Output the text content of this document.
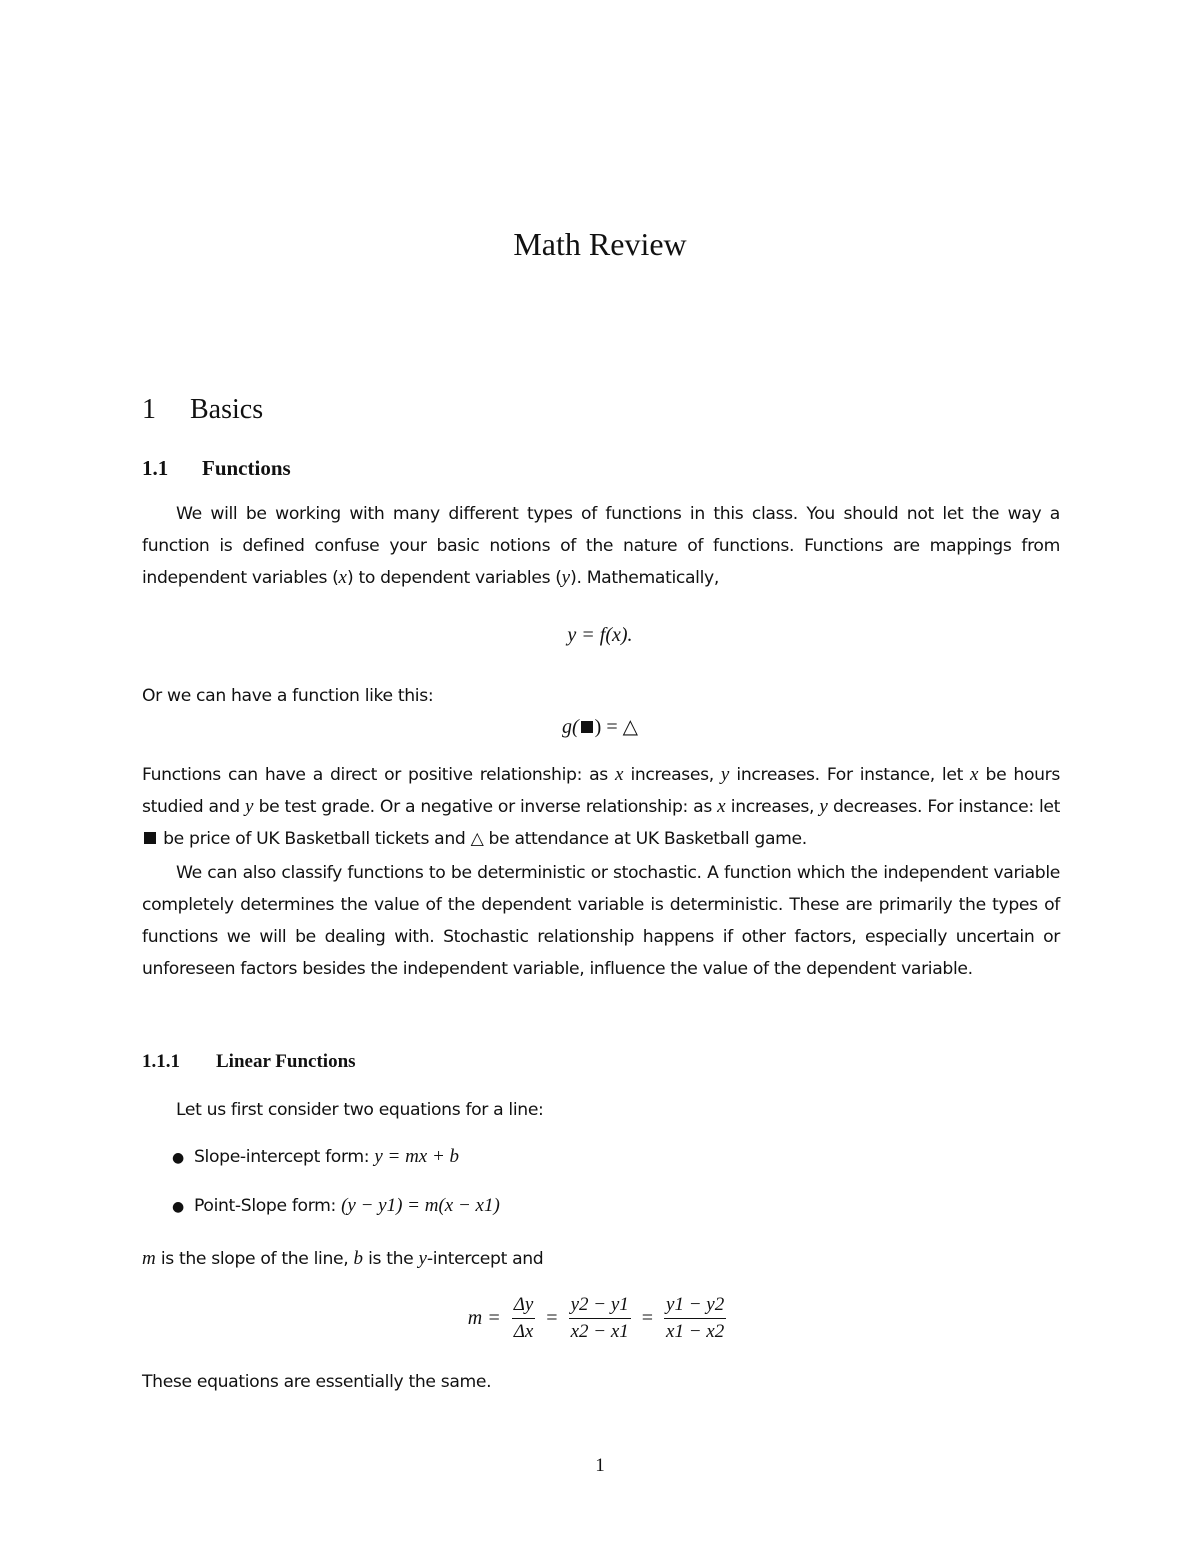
Math Review
1 Basics
1.1 Functions
We will be working with many different types of functions in this class. You should not let the way a function is defined confuse your basic notions of the nature of functions. Functions are mappings from independent variables (x) to dependent variables (y). Mathematically,
y = f(x).
Or we can have a function like this:
g( ) = △
Functions can have a direct or positive relationship: as x increases, y increases. For instance, let x be hours studied and y be test grade. Or a negative or inverse relationship: as x increases, y decreases. For instance: let  be price of UK Basketball tickets and △ be attendance at UK Basketball game.
We can also classify functions to be deterministic or stochastic. A function which the independent variable completely determines the value of the dependent variable is deterministic. These are primarily the types of functions we will be dealing with. Stochastic relationship happens if other factors, especially uncertain or unforeseen factors besides the independent variable, influence the value of the dependent variable.
1.1.1 Linear Functions
Let us first consider two equations for a line:
● Slope-intercept form: y = mx + b
● Point-Slope form: (y − y1) = m(x − x1)
m is the slope of the line, b is the y-intercept and
$m = \frac{\Delta y}{\Delta x} = \frac{y2 - y1}{x2 - x1} = \frac{y1 - y2}{x1 - x2}$
These equations are essentially the same.
1
